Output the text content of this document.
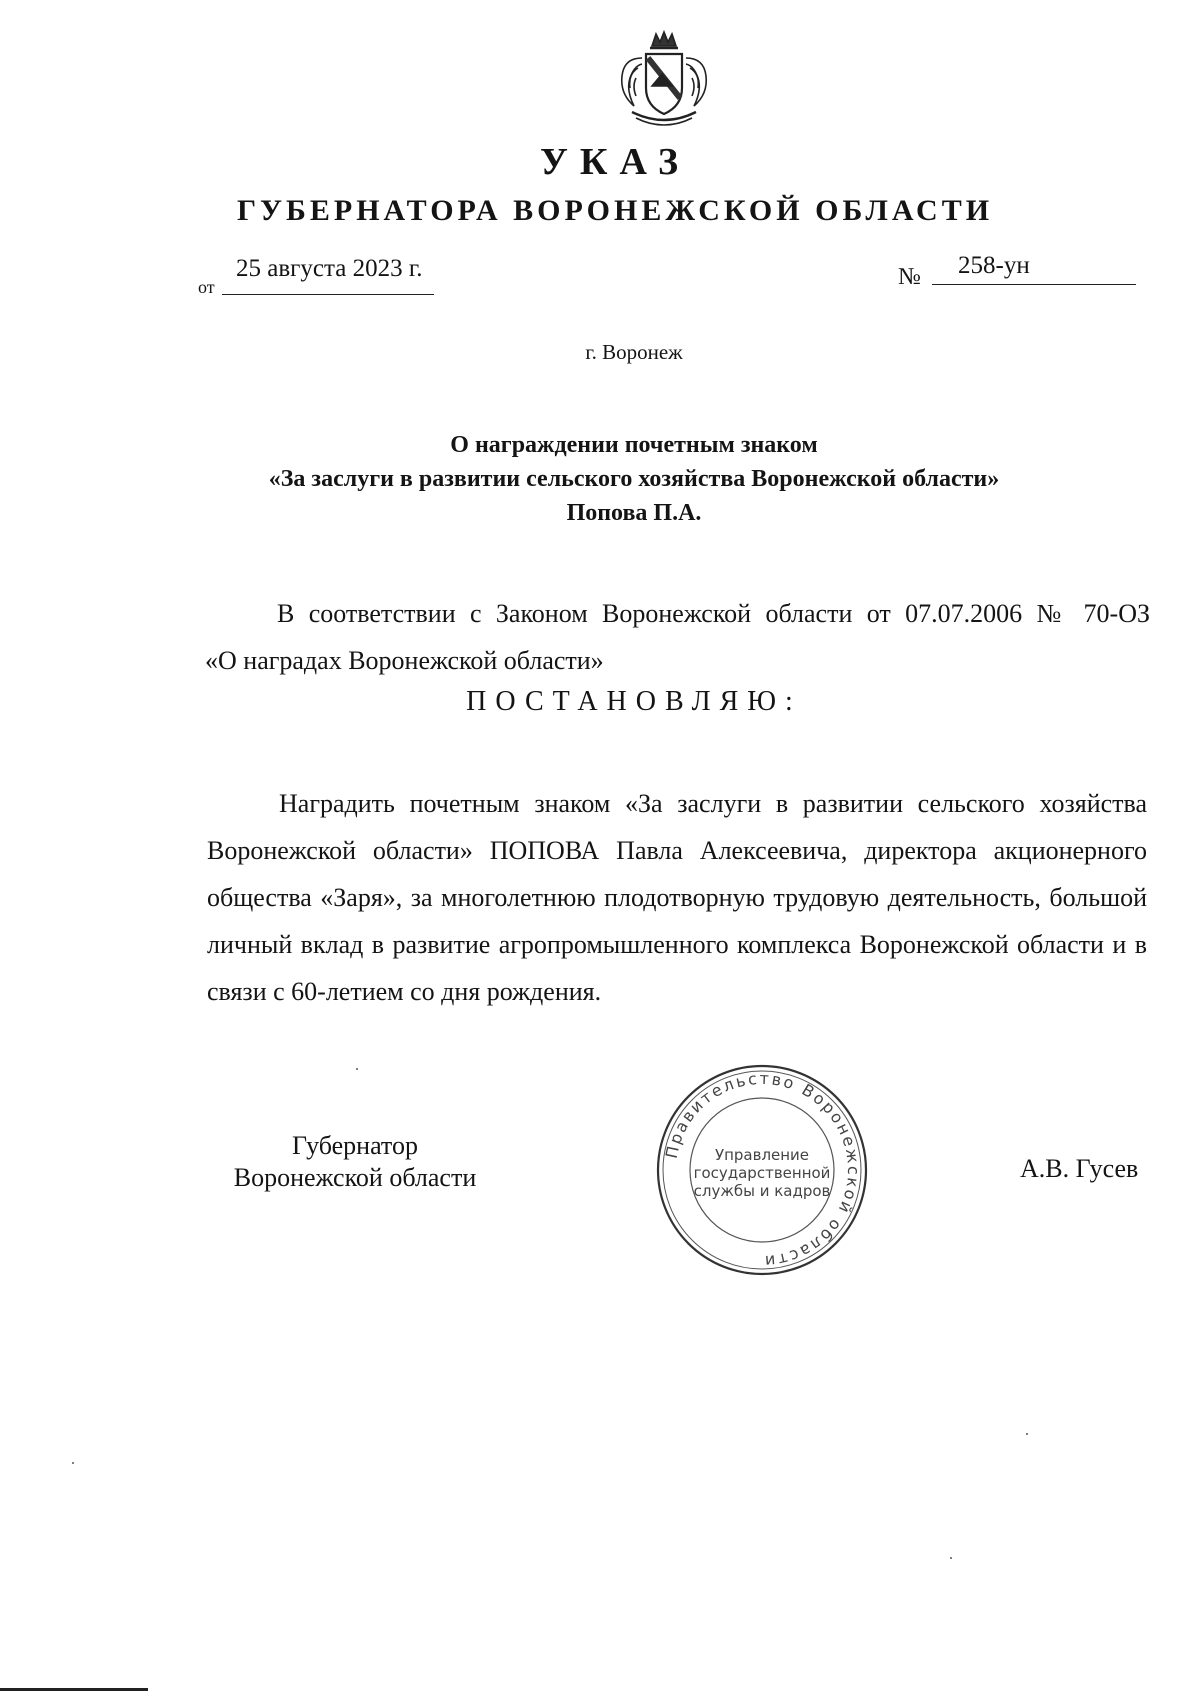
УКАЗ
ГУБЕРНАТОРА ВОРОНЕЖСКОЙ ОБЛАСТИ
от
25 августа 2023 г.	№ 258-ун
г. Воронеж
О награждении почетным знаком
«За заслуги в развитии сельского хозяйства Воронежской области»
Попова П.А.
В соответствии с Законом Воронежской области от 07.07.2006 № 70-ОЗ
«О наградах Воронежской области»
ПОСТАНОВЛЯЮ:
Наградить почетным знаком «За заслуги в развитии сельского хозяйства Воронежской области» ПОПОВА Павла Алексеевича, директора акционерного общества «Заря», за многолетнюю плодотворную трудовую деятельность, большой личный вклад в развитие агропромышленного комплекса Воронежской области и в связи с 60-летием со дня рождения.
Губернатор
Воронежской области
Правительство Воронежской области
Управление
государственной
службы и кадров
А.В. Гусев
